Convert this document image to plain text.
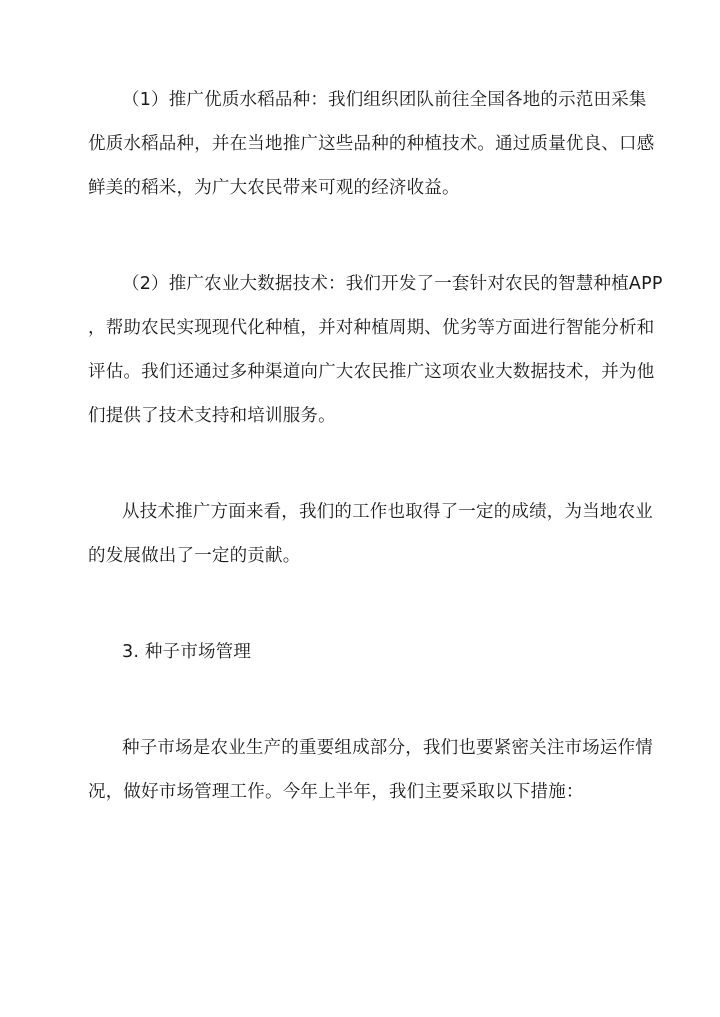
（1）推广优质水稻品种：我们组织团队前往全国各地的示范田采集
优质水稻品种，并在当地推广这些品种的种植技术。通过质量优良、口感
鲜美的稻米，为广大农民带来可观的经济收益。
（2）推广农业大数据技术：我们开发了一套针对农民的智慧种植APP
，帮助农民实现现代化种植，并对种植周期、优劣等方面进行智能分析和
评估。我们还通过多种渠道向广大农民推广这项农业大数据技术，并为他
们提供了技术支持和培训服务。
从技术推广方面来看，我们的工作也取得了一定的成绩，为当地农业
的发展做出了一定的贡献。
3. 种子市场管理
种子市场是农业生产的重要组成部分，我们也要紧密关注市场运作情
况，做好市场管理工作。今年上半年，我们主要采取以下措施：
